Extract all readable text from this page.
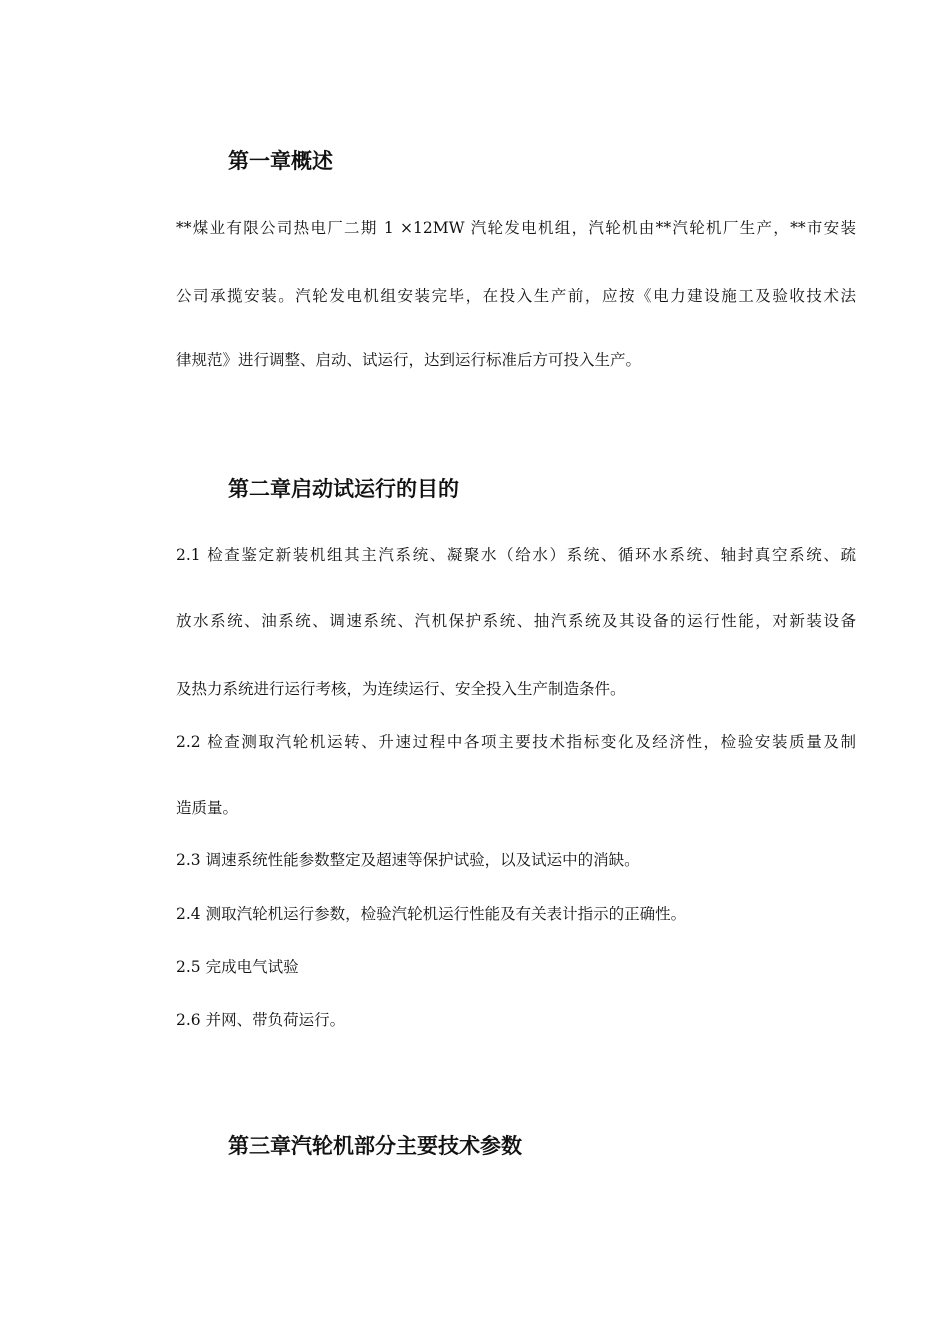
第一章概述
**煤业有限公司热电厂二期 1 ×12MW 汽轮发电机组，汽轮机由**汽轮机厂生产，**市安装
公司承揽安装。汽轮发电机组安装完毕，在投入生产前，应按《电力建设施工及验收技术法
律规范》进行调整、启动、试运行，达到运行标准后方可投入生产。
第二章启动试运行的目的
2.1 检查鉴定新装机组其主汽系统、凝聚水（给水）系统、循环水系统、轴封真空系统、疏
放水系统、油系统、调速系统、汽机保护系统、抽汽系统及其设备的运行性能，对新装设备
及热力系统进行运行考核，为连续运行、安全投入生产制造条件。
2.2 检查测取汽轮机运转、升速过程中各项主要技术指标变化及经济性，检验安装质量及制
造质量。
2.3 调速系统性能参数整定及超速等保护试验，以及试运中的消缺。
2.4 测取汽轮机运行参数，检验汽轮机运行性能及有关表计指示的正确性。
2.5 完成电气试验
2.6 并网、带负荷运行。
第三章汽轮机部分主要技术参数
